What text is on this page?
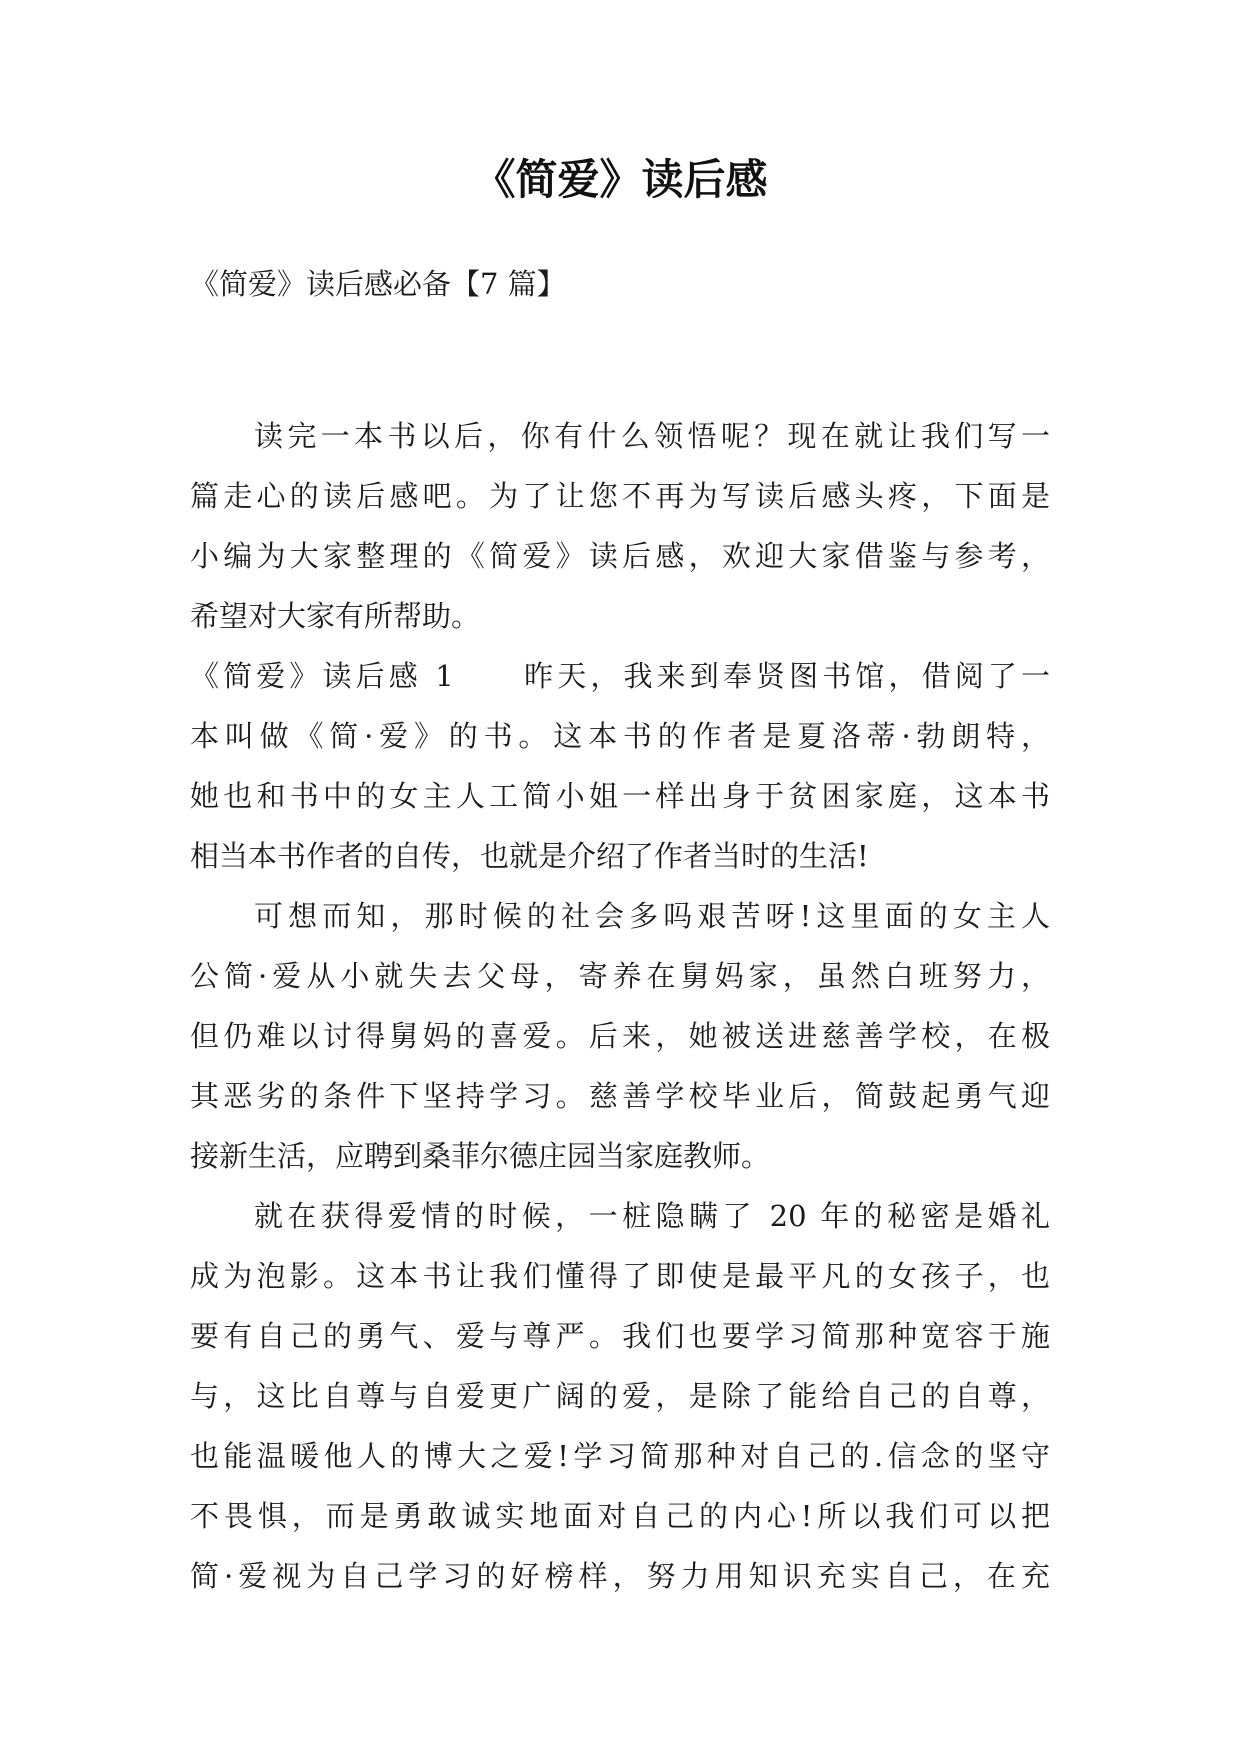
《简爱》读后感
《简爱》读后感必备【7 篇】
读完一本书以后，你有什么领悟呢？现在就让我们写一
篇走心的读后感吧。为了让您不再为写读后感头疼，下面是
小编为大家整理的《简爱》读后感，欢迎大家借鉴与参考，
希望对大家有所帮助。
《简爱》读后感 1　　昨天，我来到奉贤图书馆，借阅了一
本叫做《简·爱》的书。这本书的作者是夏洛蒂·勃朗特，
她也和书中的女主人工简小姐一样出身于贫困家庭，这本书
相当本书作者的自传，也就是介绍了作者当时的生活!
可想而知，那时候的社会多吗艰苦呀!这里面的女主人
公简·爱从小就失去父母，寄养在舅妈家，虽然白班努力，
但仍难以讨得舅妈的喜爱。后来，她被送进慈善学校，在极
其恶劣的条件下坚持学习。慈善学校毕业后，简鼓起勇气迎
接新生活，应聘到桑菲尔德庄园当家庭教师。
就在获得爱情的时候，一桩隐瞒了 20 年的秘密是婚礼
成为泡影。这本书让我们懂得了即使是最平凡的女孩子，也
要有自己的勇气、爱与尊严。我们也要学习简那种宽容于施
与，这比自尊与自爱更广阔的爱，是除了能给自己的自尊，
也能温暖他人的博大之爱!学习简那种对自己的.信念的坚守
不畏惧，而是勇敢诚实地面对自己的内心!所以我们可以把
简·爱视为自己学习的好榜样，努力用知识充实自己，在充
